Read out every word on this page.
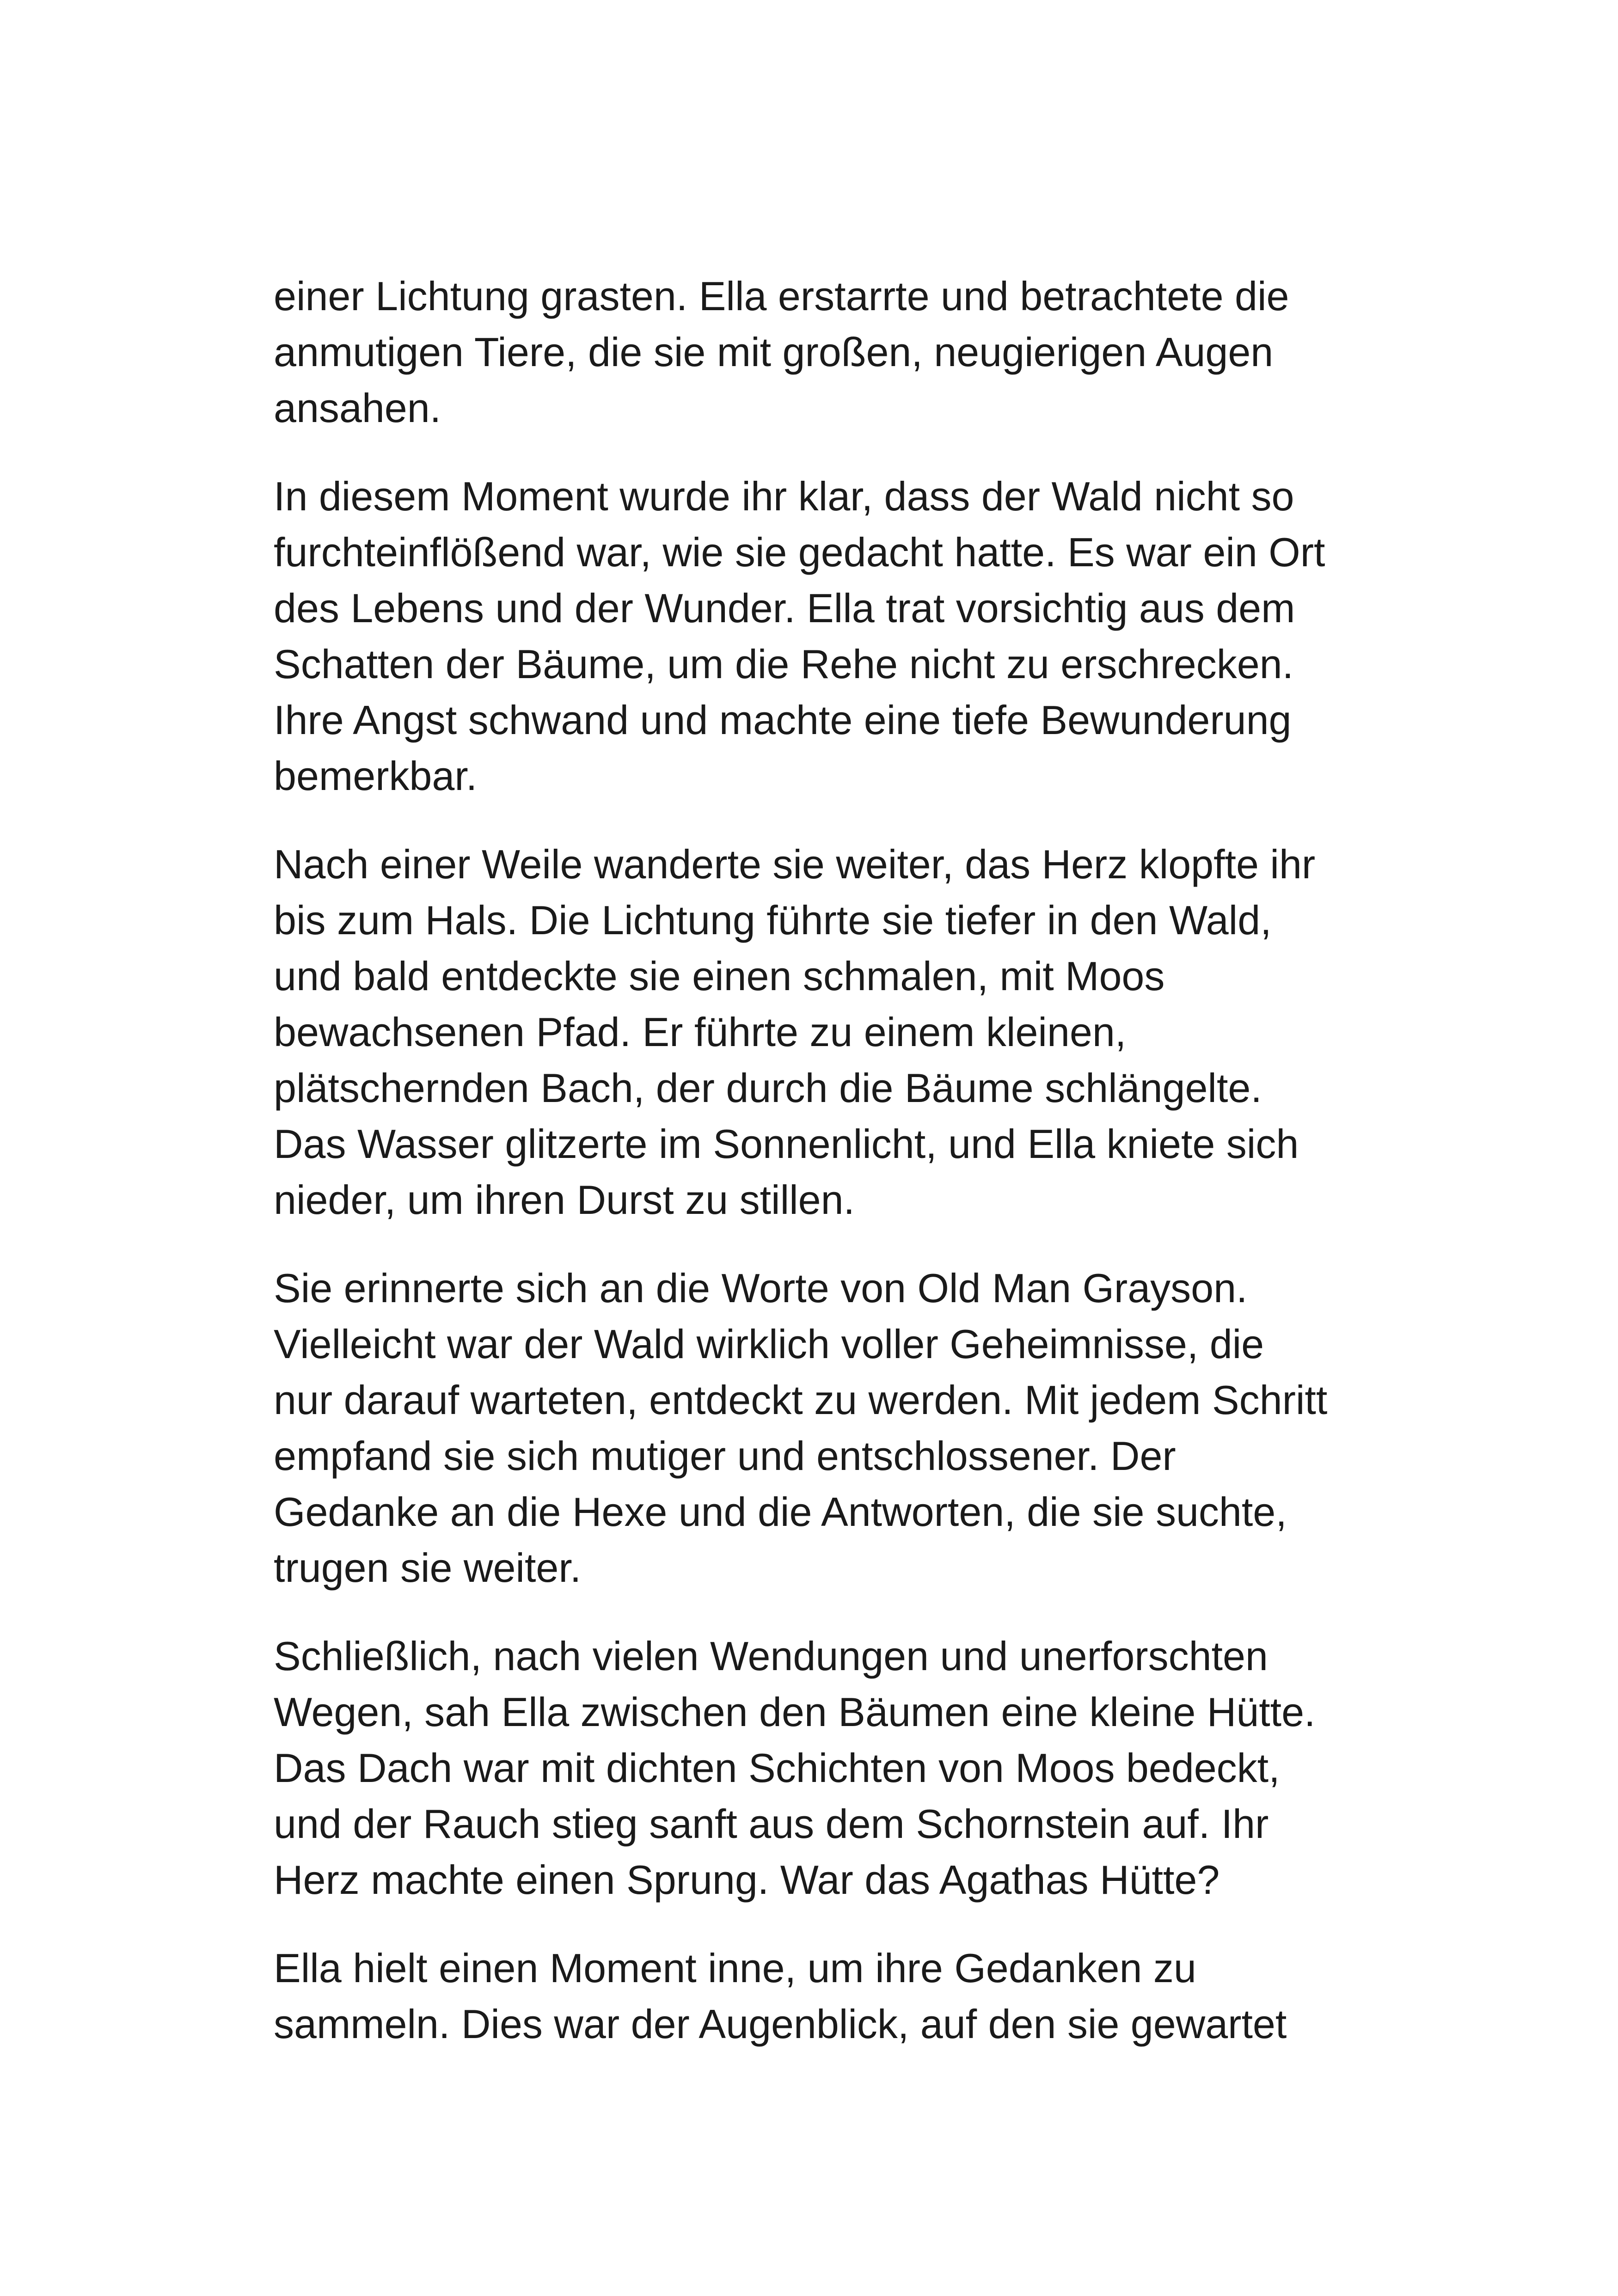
einer Lichtung grasten. Ella erstarrte und betrachtete die
anmutigen Tiere, die sie mit großen, neugierigen Augen
ansahen.

In diesem Moment wurde ihr klar, dass der Wald nicht so
furchteinflößend war, wie sie gedacht hatte. Es war ein Ort
des Lebens und der Wunder. Ella trat vorsichtig aus dem
Schatten der Bäume, um die Rehe nicht zu erschrecken.
Ihre Angst schwand und machte eine tiefe Bewunderung
bemerkbar.

Nach einer Weile wanderte sie weiter, das Herz klopfte ihr
bis zum Hals. Die Lichtung führte sie tiefer in den Wald,
und bald entdeckte sie einen schmalen, mit Moos
bewachsenen Pfad. Er führte zu einem kleinen,
plätschernden Bach, der durch die Bäume schlängelte.
Das Wasser glitzerte im Sonnenlicht, und Ella kniete sich
nieder, um ihren Durst zu stillen.

Sie erinnerte sich an die Worte von Old Man Grayson.
Vielleicht war der Wald wirklich voller Geheimnisse, die
nur darauf warteten, entdeckt zu werden. Mit jedem Schritt
empfand sie sich mutiger und entschlossener. Der
Gedanke an die Hexe und die Antworten, die sie suchte,
trugen sie weiter.

Schließlich, nach vielen Wendungen und unerforschten
Wegen, sah Ella zwischen den Bäumen eine kleine Hütte.
Das Dach war mit dichten Schichten von Moos bedeckt,
und der Rauch stieg sanft aus dem Schornstein auf. Ihr
Herz machte einen Sprung. War das Agathas Hütte?

Ella hielt einen Moment inne, um ihre Gedanken zu
sammeln. Dies war der Augenblick, auf den sie gewartet
